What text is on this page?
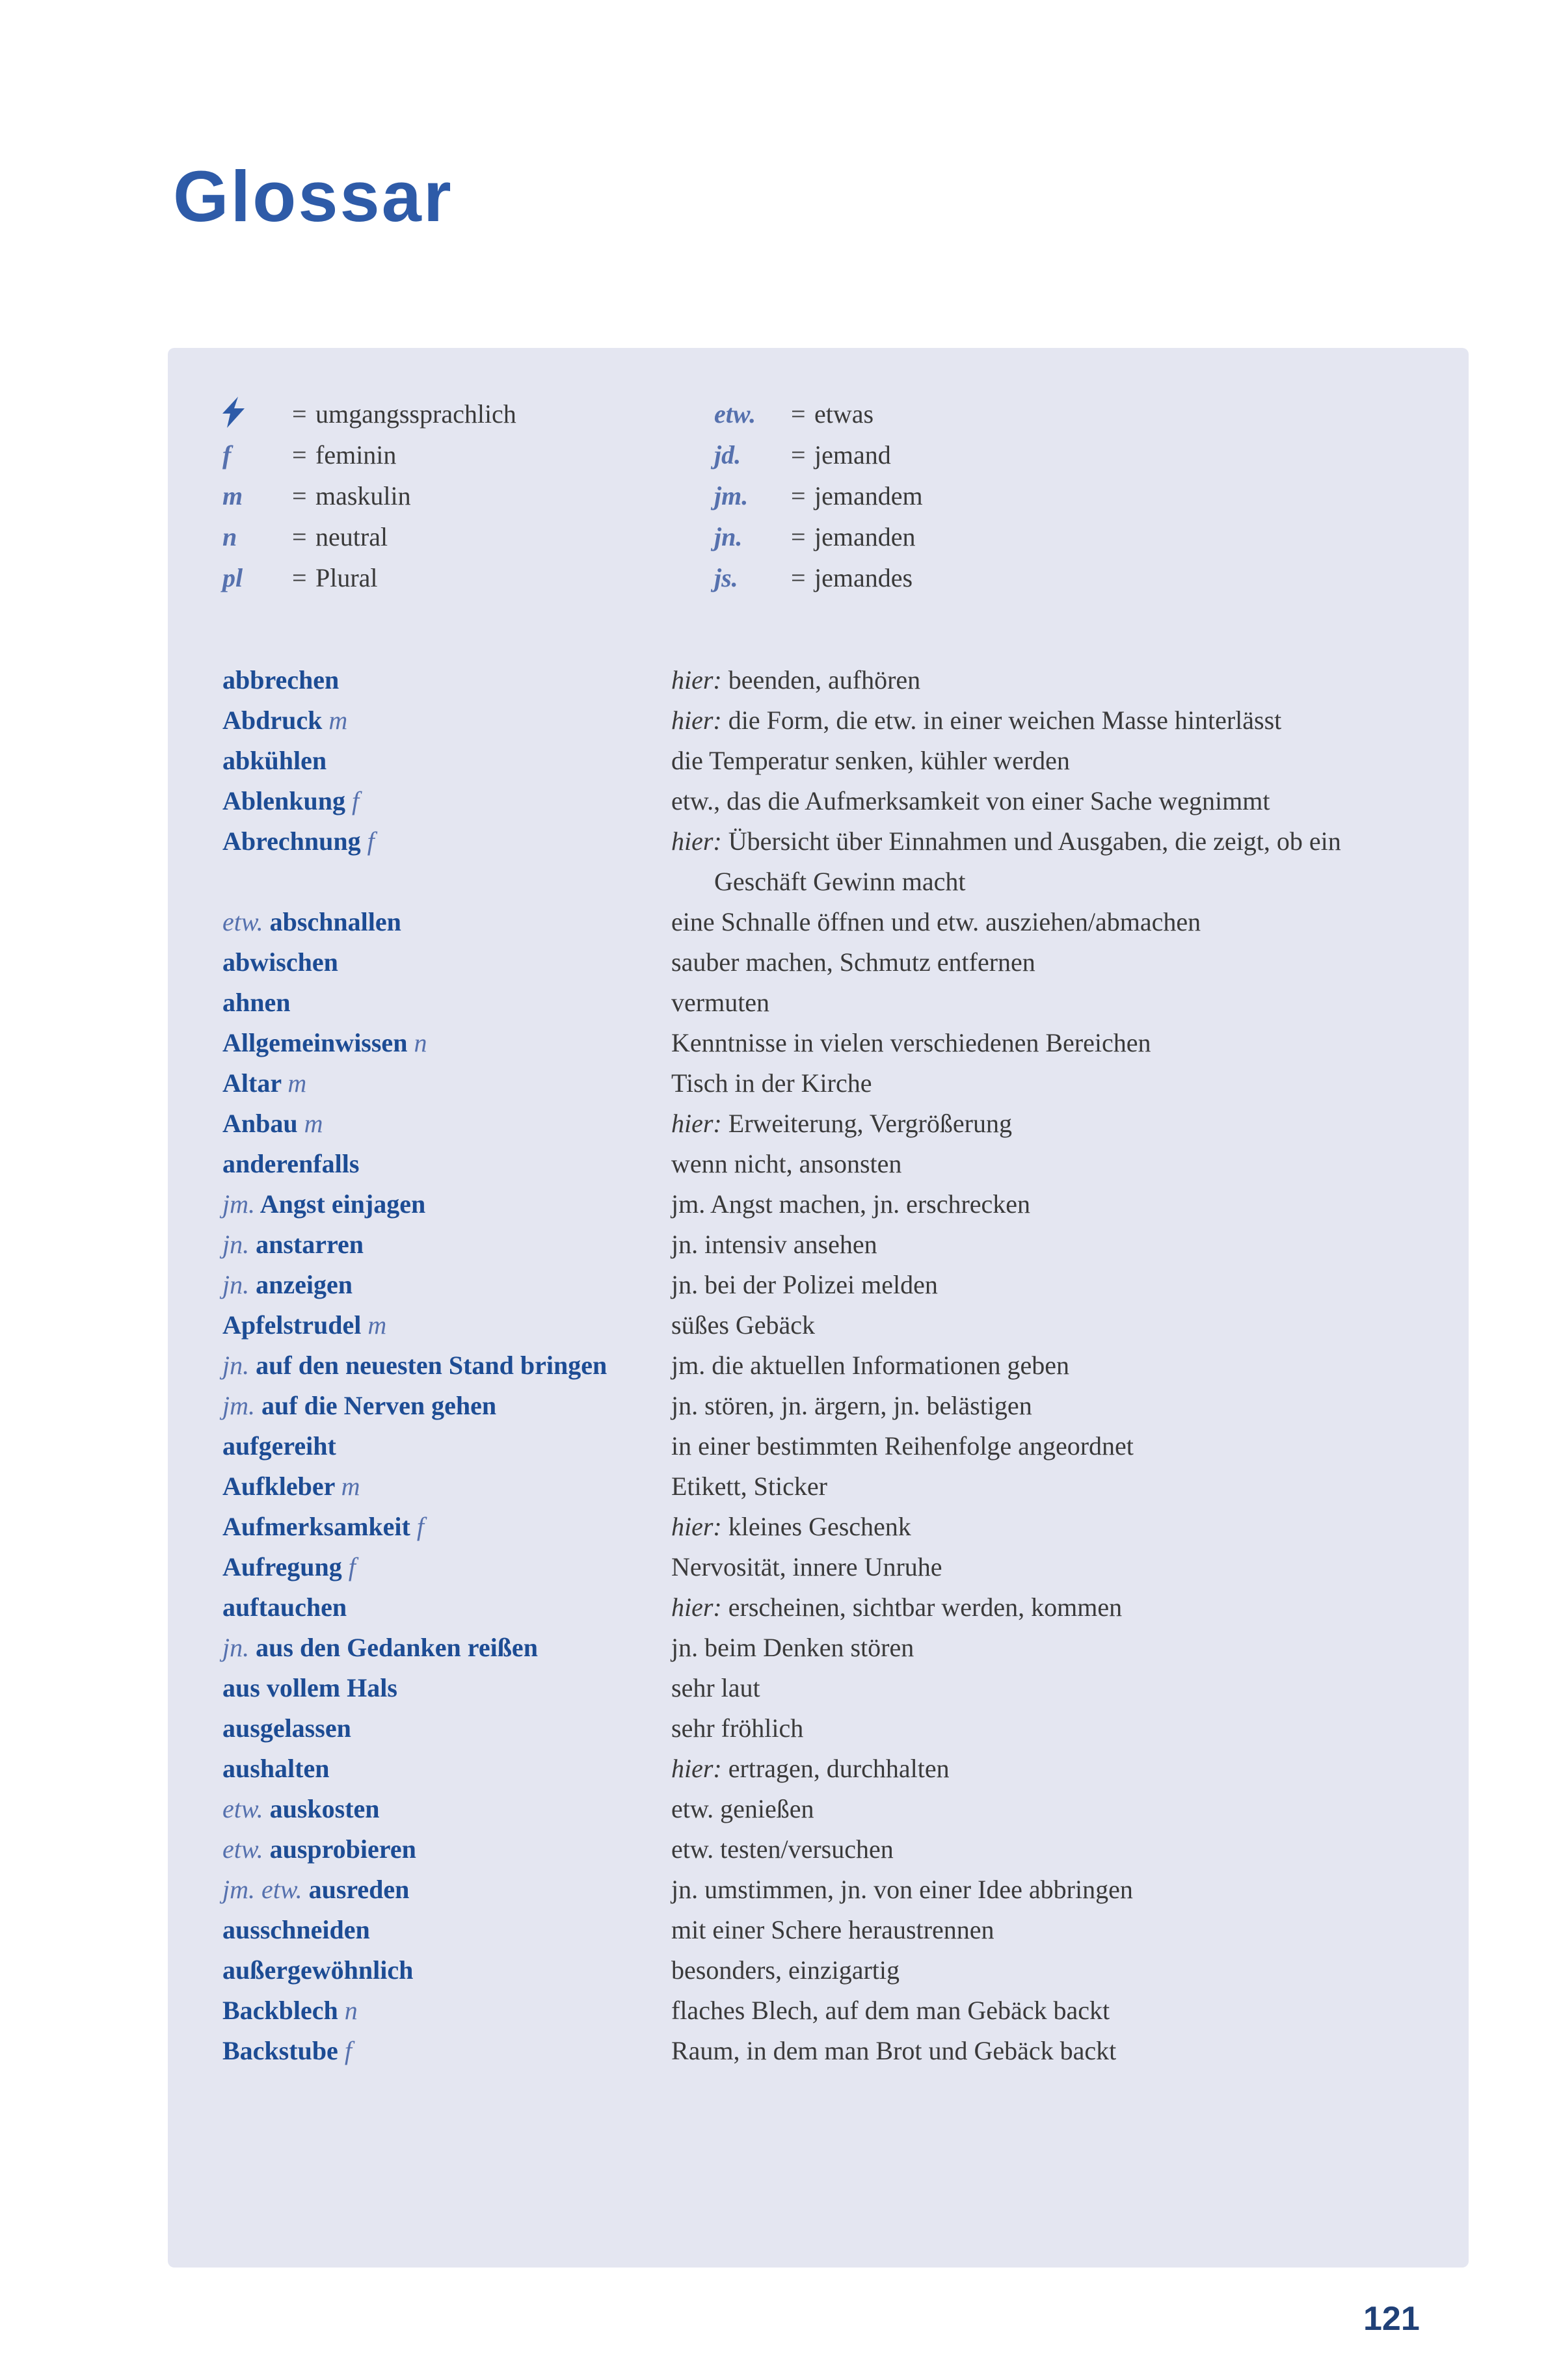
Glossar
= umgangssprachlich
f	= feminin
m	= maskulin
n	= neutral
pl	= Plural
etw.	= etwas
jd.	= jemand
jm.	= jemandem
jn.	= jemanden
js.	= jemandes
abbrechen	hier: beenden, aufhören
Abdruck m	hier: die Form, die etw. in einer weichen Masse hinterlässt
abkühlen	die Temperatur senken, kühler werden
Ablenkung f	etw., das die Aufmerksamkeit von einer Sache wegnimmt
Abrechnung f	hier: Übersicht über Einnahmen und Ausgaben, die zeigt, ob ein Geschäft Gewinn macht
etw. abschnallen	eine Schnalle öffnen und etw. ausziehen/abmachen
abwischen	sauber machen, Schmutz entfernen
ahnen	vermuten
Allgemeinwissen n	Kenntnisse in vielen verschiedenen Bereichen
Altar m	Tisch in der Kirche
Anbau m	hier: Erweiterung, Vergrößerung
anderenfalls	wenn nicht, ansonsten
jm. Angst einjagen	jm. Angst machen, jn. erschrecken
jn. anstarren	jn. intensiv ansehen
jn. anzeigen	jn. bei der Polizei melden
Apfelstrudel m	süßes Gebäck
jn. auf den neuesten Stand bringen	jm. die aktuellen Informationen geben
jm. auf die Nerven gehen	jn. stören, jn. ärgern, jn. belästigen
aufgereiht	in einer bestimmten Reihenfolge angeordnet
Aufkleber m	Etikett, Sticker
Aufmerksamkeit f	hier: kleines Geschenk
Aufregung f	Nervosität, innere Unruhe
auftauchen	hier: erscheinen, sichtbar werden, kommen
jn. aus den Gedanken reißen	jn. beim Denken stören
aus vollem Hals	sehr laut
ausgelassen	sehr fröhlich
aushalten	hier: ertragen, durchhalten
etw. auskosten	etw. genießen
etw. ausprobieren	etw. testen/versuchen
jm. etw. ausreden	jn. umstimmen, jn. von einer Idee abbringen
ausschneiden	mit einer Schere heraustrennen
außergewöhnlich	besonders, einzigartig
Backblech n	flaches Blech, auf dem man Gebäck backt
Backstube f	Raum, in dem man Brot und Gebäck backt
121
